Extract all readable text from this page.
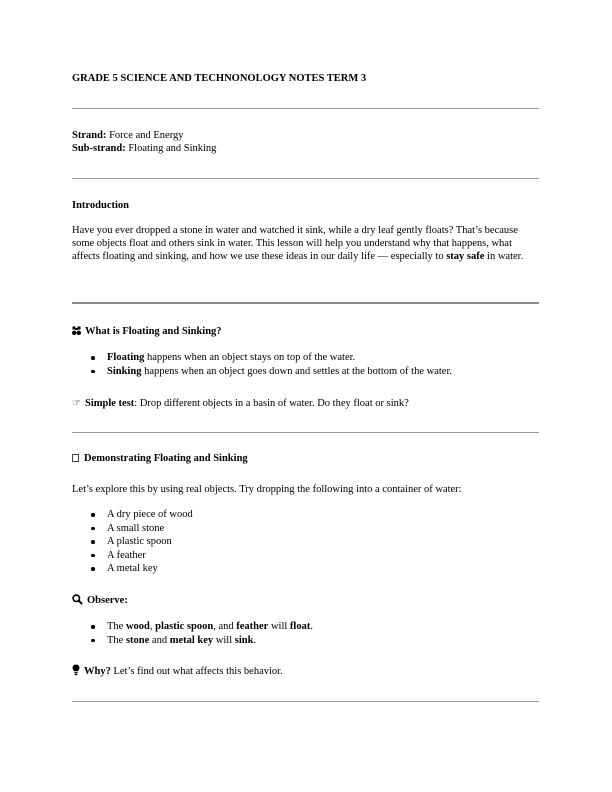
GRADE 5 SCIENCE AND TECHNONOLOGY NOTES TERM 3
Strand: Force and Energy
Sub-strand: Floating and Sinking
Introduction

Have you ever dropped a stone in water and watched it sink, while a dry leaf gently floats? That’s because some objects float and others sink in water. This lesson will help you understand why that happens, what affects floating and sinking, and how we use these ideas in our daily life — especially to stay safe in water.

What is Floating and Sinking?
Floating happens when an object stays on top of the water.
Sinking happens when an object goes down and settles at the bottom of the water.
☞ Simple test: Drop different objects in a basin of water. Do they float or sink?
Demonstrating Floating and Sinking
Let’s explore this by using real objects. Try dropping the following into a container of water:
A dry piece of wood
A small stone
A plastic spoon
A feather
A metal key
Observe:
The wood, plastic spoon, and feather will float.
The stone and metal key will sink.
Why? Let’s find out what affects this behavior.
